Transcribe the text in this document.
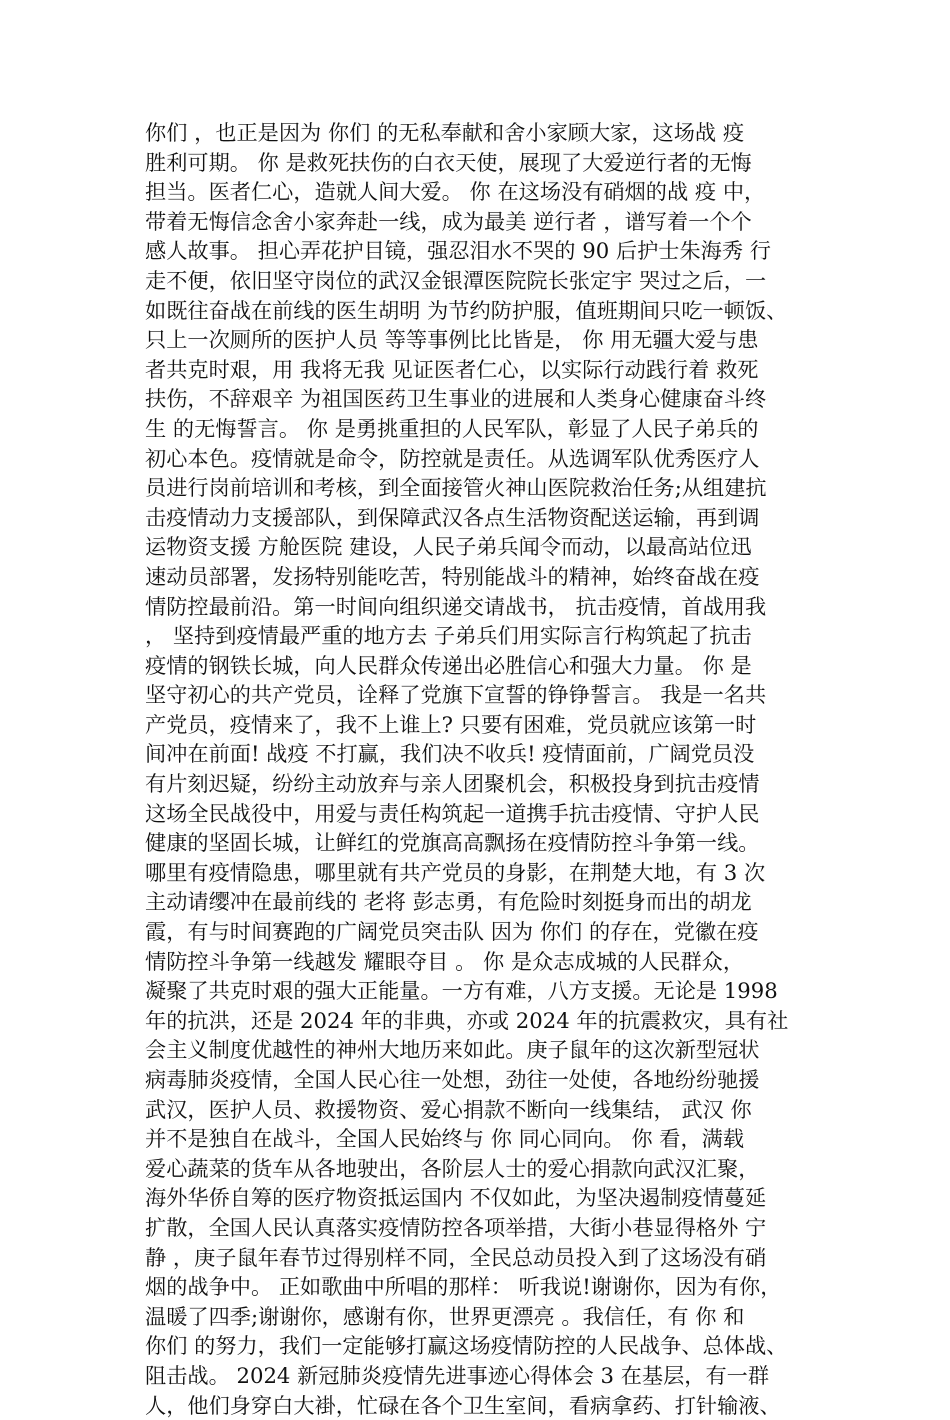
你们 ，也正是因为 你们 的无私奉献和舍小家顾大家，这场战 疫
胜利可期。 你 是救死扶伤的白衣天使，展现了大爱逆行者的无悔
担当。医者仁心，造就人间大爱。 你 在这场没有硝烟的战 疫 中，
带着无悔信念舍小家奔赴一线，成为最美 逆行者 ，谱写着一个个
感人故事。 担心弄花护目镜，强忍泪水不哭的 90 后护士朱海秀 行
走不便，依旧坚守岗位的武汉金银潭医院院长张定宇 哭过之后，一
如既往奋战在前线的医生胡明 为节约防护服，值班期间只吃一顿饭、
只上一次厕所的医护人员 等等事例比比皆是， 你 用无疆大爱与患
者共克时艰，用 我将无我 见证医者仁心，以实际行动践行着 救死
扶伤，不辞艰辛 为祖国医药卫生事业的进展和人类身心健康奋斗终
生 的无悔誓言。 你 是勇挑重担的人民军队，彰显了人民子弟兵的
初心本色。疫情就是命令，防控就是责任。从选调军队优秀医疗人
员进行岗前培训和考核，到全面接管火神山医院救治任务;从组建抗
击疫情动力支援部队，到保障武汉各点生活物资配送运输，再到调
运物资支援 方舱医院 建设，人民子弟兵闻令而动，以最高站位迅
速动员部署，发扬特别能吃苦，特别能战斗的精神，始终奋战在疫
情防控最前沿。第一时间向组织递交请战书， 抗击疫情，首战用我
， 坚持到疫情最严重的地方去 子弟兵们用实际言行构筑起了抗击
疫情的钢铁长城，向人民群众传递出必胜信心和强大力量。 你 是
坚守初心的共产党员，诠释了党旗下宣誓的铮铮誓言。 我是一名共
产党员，疫情来了，我不上谁上? 只要有困难，党员就应该第一时
间冲在前面! 战疫 不打赢，我们决不收兵! 疫情面前，广阔党员没
有片刻迟疑，纷纷主动放弃与亲人团聚机会，积极投身到抗击疫情
这场全民战役中，用爱与责任构筑起一道携手抗击疫情、守护人民
健康的坚固长城，让鲜红的党旗高高飘扬在疫情防控斗争第一线。
哪里有疫情隐患，哪里就有共产党员的身影，在荆楚大地，有 3 次
主动请缨冲在最前线的 老将 彭志勇，有危险时刻挺身而出的胡龙
霞，有与时间赛跑的广阔党员突击队 因为 你们 的存在，党徽在疫
情防控斗争第一线越发 耀眼夺目 。 你 是众志成城的人民群众，
凝聚了共克时艰的强大正能量。一方有难，八方支援。无论是 1998
年的抗洪，还是 2024 年的非典，亦或 2024 年的抗震救灾，具有社
会主义制度优越性的神州大地历来如此。庚子鼠年的这次新型冠状
病毒肺炎疫情，全国人民心往一处想，劲往一处使，各地纷纷驰援
武汉，医护人员、救援物资、爱心捐款不断向一线集结， 武汉 你
并不是独自在战斗，全国人民始终与 你 同心同向。 你 看，满载
爱心蔬菜的货车从各地驶出，各阶层人士的爱心捐款向武汉汇聚，
海外华侨自筹的医疗物资抵运国内 不仅如此，为坚决遏制疫情蔓延
扩散，全国人民认真落实疫情防控各项举措，大街小巷显得格外 宁
静 ，庚子鼠年春节过得别样不同，全民总动员投入到了这场没有硝
烟的战争中。 正如歌曲中所唱的那样： 听我说!谢谢你，因为有你，
温暖了四季;谢谢你，感谢有你，世界更漂亮 。我信任，有 你 和
你们 的努力，我们一定能够打赢这场疫情防控的人民战争、总体战、
阻击战。 2024 新冠肺炎疫情先进事迹心得体会 3 在基层，有一群
人，他们身穿白大褂，忙碌在各个卫生室间，看病拿药、打针输液、
